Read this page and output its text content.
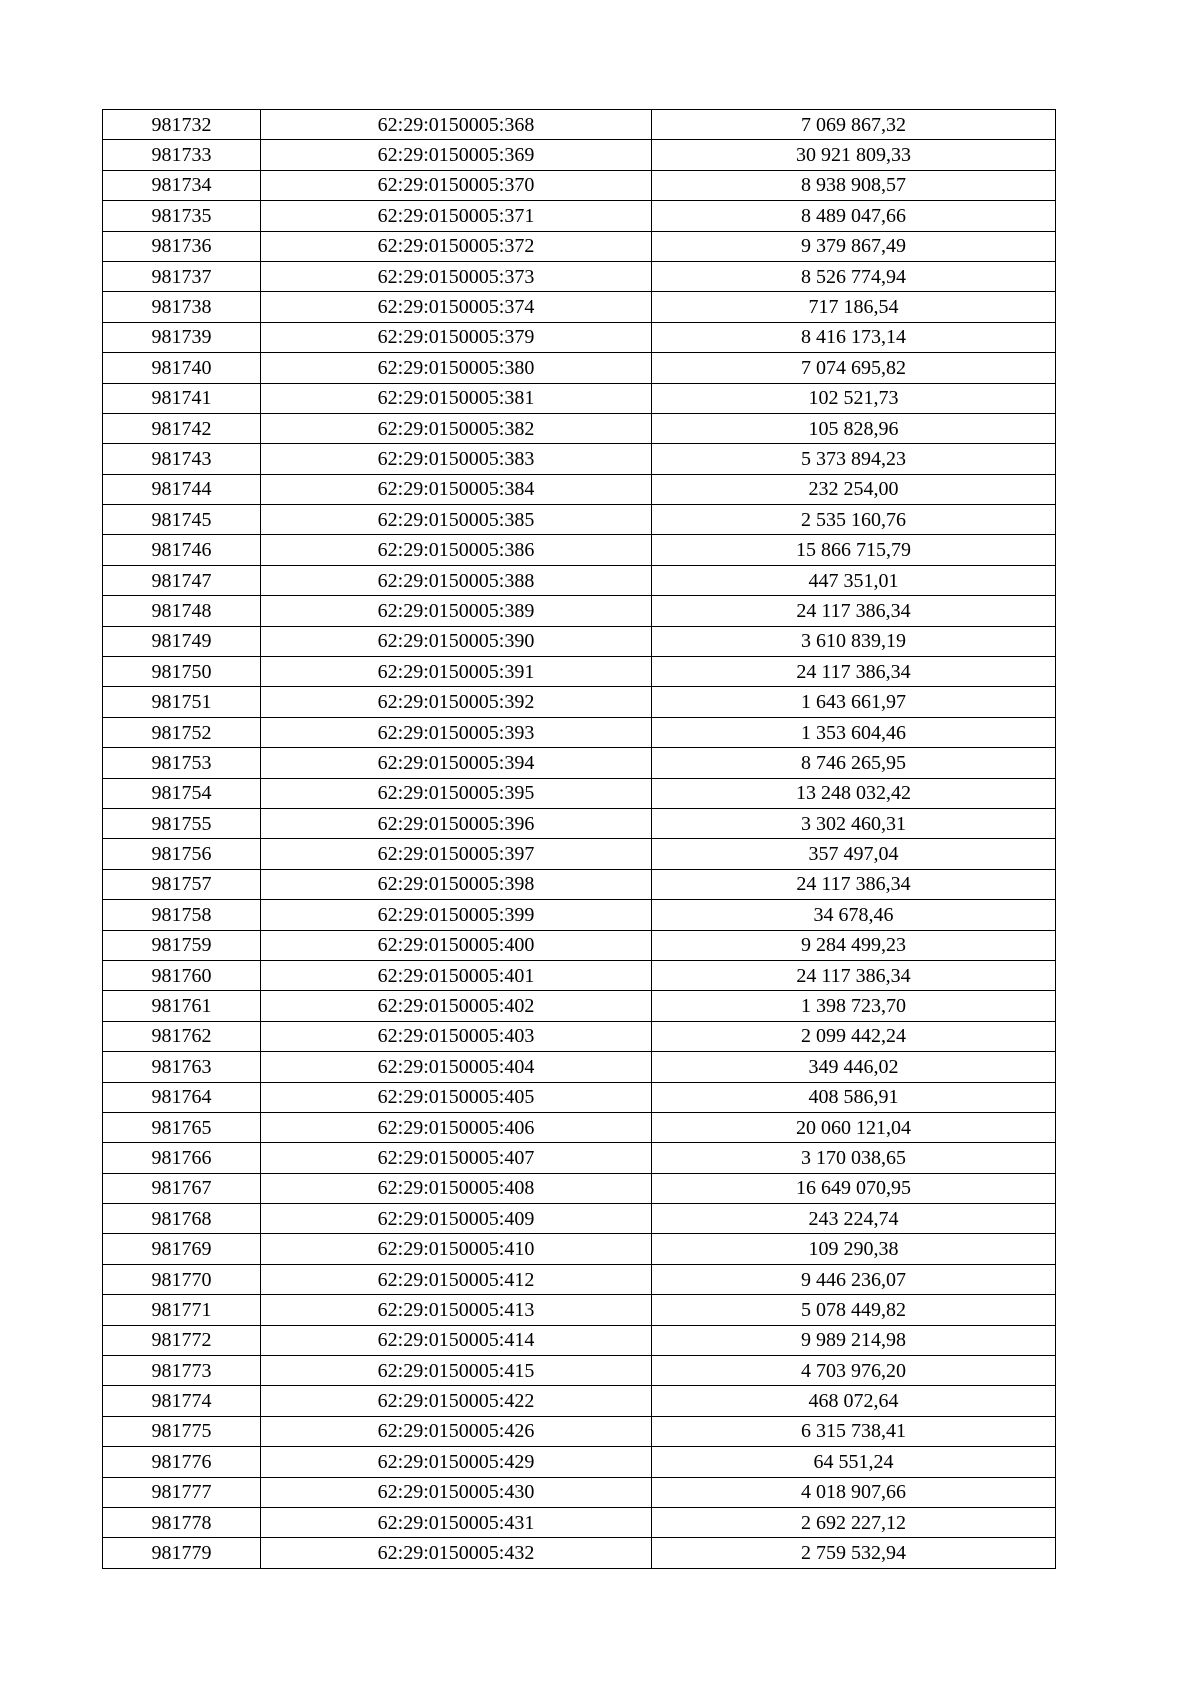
981732	62:29:0150005:368	7 069 867,32
981733	62:29:0150005:369	30 921 809,33
981734	62:29:0150005:370	8 938 908,57
981735	62:29:0150005:371	8 489 047,66
981736	62:29:0150005:372	9 379 867,49
981737	62:29:0150005:373	8 526 774,94
981738	62:29:0150005:374	717 186,54
981739	62:29:0150005:379	8 416 173,14
981740	62:29:0150005:380	7 074 695,82
981741	62:29:0150005:381	102 521,73
981742	62:29:0150005:382	105 828,96
981743	62:29:0150005:383	5 373 894,23
981744	62:29:0150005:384	232 254,00
981745	62:29:0150005:385	2 535 160,76
981746	62:29:0150005:386	15 866 715,79
981747	62:29:0150005:388	447 351,01
981748	62:29:0150005:389	24 117 386,34
981749	62:29:0150005:390	3 610 839,19
981750	62:29:0150005:391	24 117 386,34
981751	62:29:0150005:392	1 643 661,97
981752	62:29:0150005:393	1 353 604,46
981753	62:29:0150005:394	8 746 265,95
981754	62:29:0150005:395	13 248 032,42
981755	62:29:0150005:396	3 302 460,31
981756	62:29:0150005:397	357 497,04
981757	62:29:0150005:398	24 117 386,34
981758	62:29:0150005:399	34 678,46
981759	62:29:0150005:400	9 284 499,23
981760	62:29:0150005:401	24 117 386,34
981761	62:29:0150005:402	1 398 723,70
981762	62:29:0150005:403	2 099 442,24
981763	62:29:0150005:404	349 446,02
981764	62:29:0150005:405	408 586,91
981765	62:29:0150005:406	20 060 121,04
981766	62:29:0150005:407	3 170 038,65
981767	62:29:0150005:408	16 649 070,95
981768	62:29:0150005:409	243 224,74
981769	62:29:0150005:410	109 290,38
981770	62:29:0150005:412	9 446 236,07
981771	62:29:0150005:413	5 078 449,82
981772	62:29:0150005:414	9 989 214,98
981773	62:29:0150005:415	4 703 976,20
981774	62:29:0150005:422	468 072,64
981775	62:29:0150005:426	6 315 738,41
981776	62:29:0150005:429	64 551,24
981777	62:29:0150005:430	4 018 907,66
981778	62:29:0150005:431	2 692 227,12
981779	62:29:0150005:432	2 759 532,94
